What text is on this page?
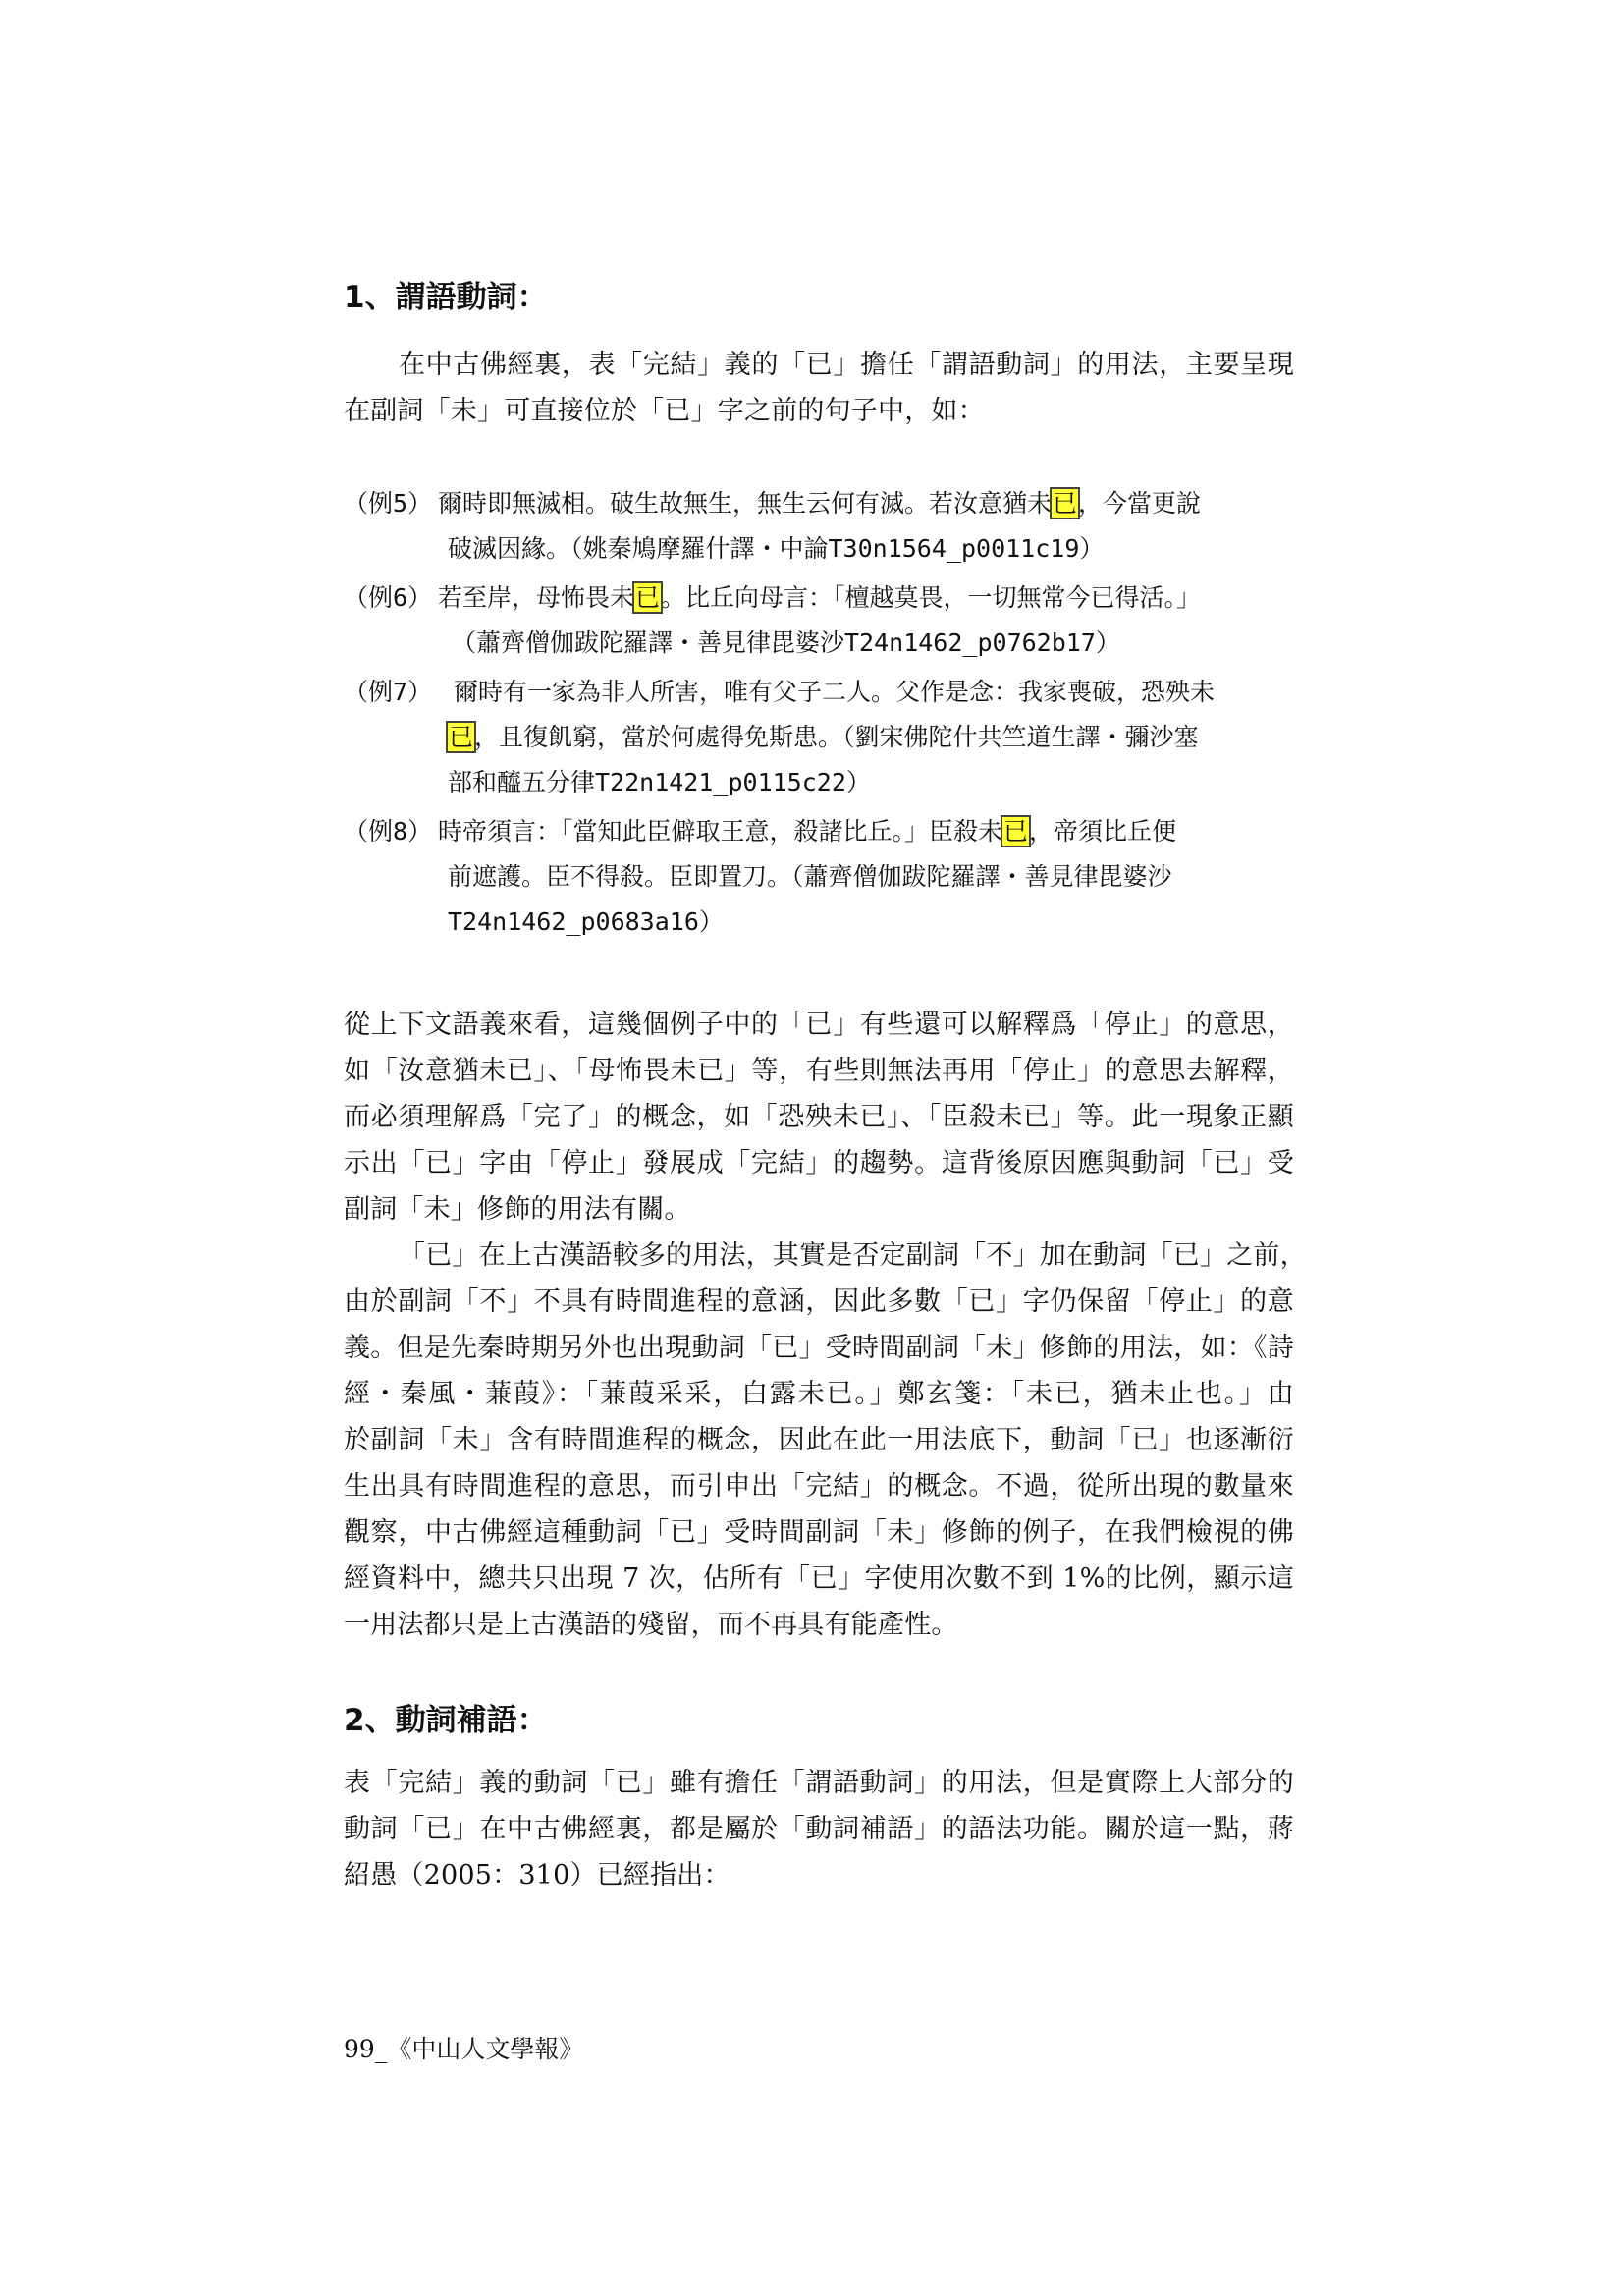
1、謂語動詞：
在中古佛經裏，表「完結」義的「已」擔任「謂語動詞」的用法，主要呈現
在副詞「未」可直接位於「已」字之前的句子中，如：
（例5） 爾時即無滅相。破生故無生，無生云何有滅。若汝意猶未已，今當更說
破滅因緣。（姚秦鳩摩羅什譯・中論T30n1564_p0011c19）
（例6） 若至岸，母怖畏未已。比丘向母言：「檀越莫畏，一切無常今已得活。」
（蕭齊僧伽跋陀羅譯・善見律毘婆沙T24n1462_p0762b17）
（例7） 爾時有一家為非人所害，唯有父子二人。父作是念：我家喪破，恐殃未
已，且復飢窮，當於何處得免斯患。（劉宋佛陀什共竺道生譯・彌沙塞
部和醯五分律T22n1421_p0115c22）
（例8） 時帝須言：「當知此臣僻取王意，殺諸比丘。」臣殺未已，帝須比丘便
前遮護。臣不得殺。臣即置刀。（蕭齊僧伽跋陀羅譯・善見律毘婆沙
T24n1462_p0683a16）
從上下文語義來看，這幾個例子中的「已」有些還可以解釋爲「停止」的意思，
如「汝意猶未已」、「母怖畏未已」等，有些則無法再用「停止」的意思去解釋，
而必須理解爲「完了」的概念，如「恐殃未已」、「臣殺未已」等。此一現象正顯
示出「已」字由「停止」發展成「完結」的趨勢。這背後原因應與動詞「已」受
副詞「未」修飾的用法有關。
「已」在上古漢語較多的用法，其實是否定副詞「不」加在動詞「已」之前，
由於副詞「不」不具有時間進程的意涵，因此多數「已」字仍保留「停止」的意
義。但是先秦時期另外也出現動詞「已」受時間副詞「未」修飾的用法，如：《詩
經・秦風・蒹葭》：「蒹葭采采，白露未已。」鄭玄箋：「未已，猶未止也。」由
於副詞「未」含有時間進程的概念，因此在此一用法底下，動詞「已」也逐漸衍
生出具有時間進程的意思，而引申出「完結」的概念。不過，從所出現的數量來
觀察，中古佛經這種動詞「已」受時間副詞「未」修飾的例子，在我們檢視的佛
經資料中，總共只出現 7 次，佔所有「已」字使用次數不到 1%的比例，顯示這
一用法都只是上古漢語的殘留，而不再具有能產性。
2、動詞補語：
表「完結」義的動詞「已」雖有擔任「謂語動詞」的用法，但是實際上大部分的
動詞「已」在中古佛經裏，都是屬於「動詞補語」的語法功能。關於這一點，蔣
紹愚（2005：310）已經指出：
99_《中山人文學報》
